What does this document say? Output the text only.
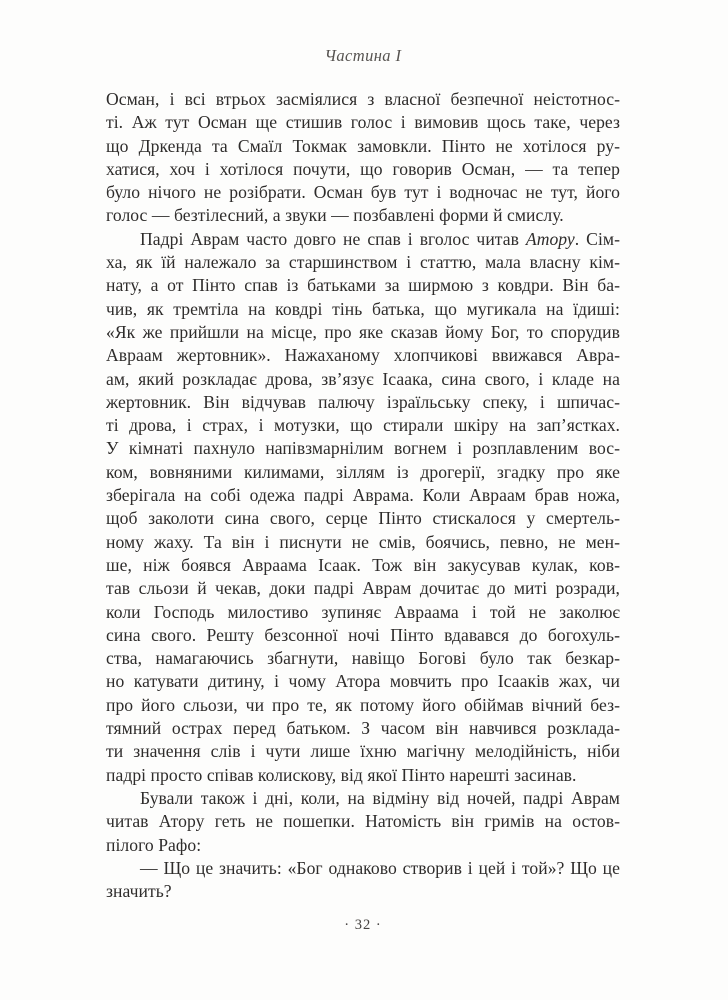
Частина I
Осман, і всі втрьох засміялися з власної безпечної неістотнос-
ті. Аж тут Осман ще стишив голос і вимовив щось таке, через
що Дркенда та Смаїл Токмак замовкли. Пінто не хотілося ру-
хатися, хоч і хотілося почути, що говорив Осман, — та тепер
було нічого не розібрати. Осман був тут і водночас не тут, його
голос — безтілесний, а звуки — позбавлені форми й смислу.
Падрі Аврам часто довго не спав і вголос читав Атору. Сім-
ха, як їй належало за старшинством і статтю, мала власну кім-
нату, а от Пінто спав із батьками за ширмою з ковдри. Він ба-
чив, як тремтіла на ковдрі тінь батька, що мугикала на їдиші:
«Як же прийшли на місце, про яке сказав йому Бог, то спорудив
Авраам жертовник». Нажаханому хлопчикові ввижався Авра-
ам, який розкладає дрова, зв’язує Ісаака, сина свого, і кладе на
жертовник. Він відчував палючу ізраїльську спеку, і шпичас-
ті дрова, і страх, і мотузки, що стирали шкіру на зап’ястках.
У кімнаті пахнуло напівзмарнілим вогнем і розплавленим вос-
ком, вовняними килимами, зіллям із дрогерії, згадку про яке
зберігала на собі одежа падрі Аврама. Коли Авраам брав ножа,
щоб заколоти сина свого, серце Пінто стискалося у смертель-
ному жаху. Та він і писнути не смів, боячись, певно, не мен-
ше, ніж боявся Авраама Ісаак. Тож він закусував кулак, ков-
тав сльози й чекав, доки падрі Аврам дочитає до миті розради,
коли Господь милостиво зупиняє Авраама і той не заколює
сина свого. Решту безсонної ночі Пінто вдавався до богохуль-
ства, намагаючись збагнути, навіщо Богові було так безкар-
но катувати дитину, і чому Атора мовчить про Ісааків жах, чи
про його сльози, чи про те, як потому його обіймав вічний без-
тямний острах перед батьком. З часом він навчився розклада-
ти значення слів і чути лише їхню магічну мелодійність, ніби
падрі просто співав колискову, від якої Пінто нарешті засинав.
Бували також і дні, коли, на відміну від ночей, падрі Аврам
читав Атору геть не пошепки. Натомість він гримів на остов-
пілого Рафо:
— Що це значить: «Бог однаково створив і цей і той»? Що це
значить?
· 32 ·
